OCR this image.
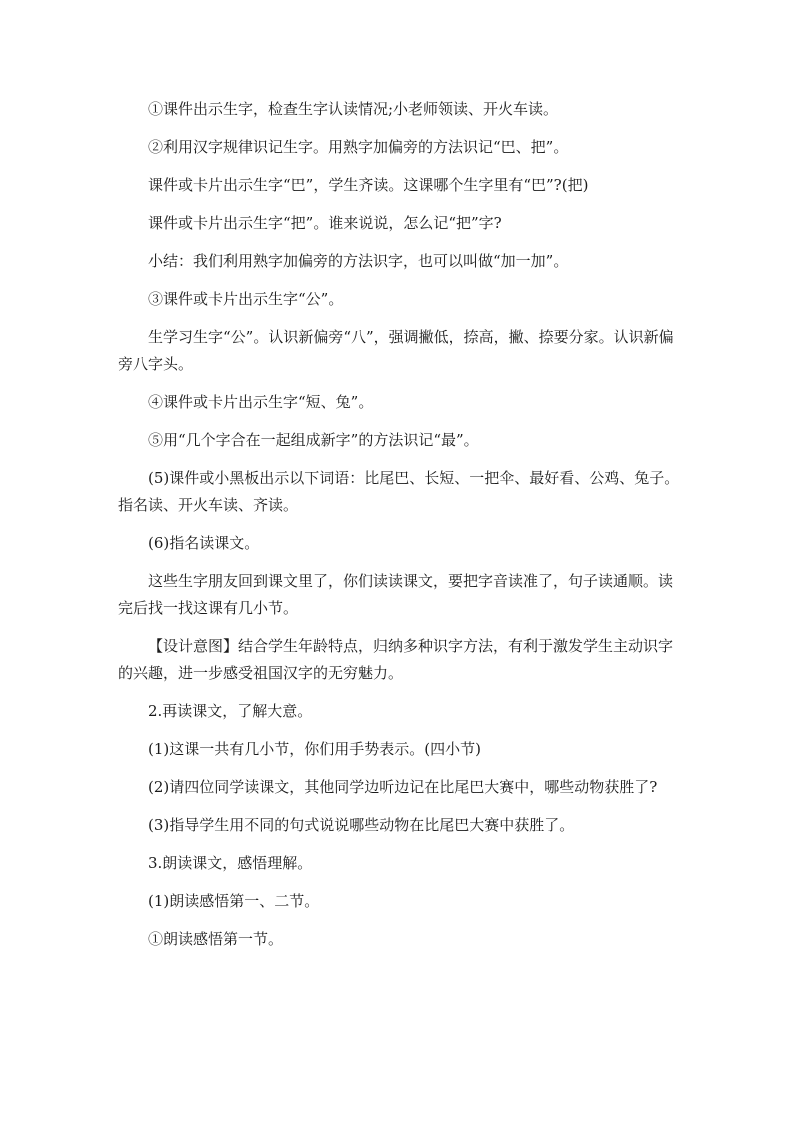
①课件出示生字，检查生字认读情况;小老师领读、开火车读。

②利用汉字规律识记生字。用熟字加偏旁的方法识记“巴、把”。

课件或卡片出示生字“巴”，学生齐读。这课哪个生字里有“巴”?(把)

课件或卡片出示生字“把”。谁来说说，怎么记“把”字?

小结：我们利用熟字加偏旁的方法识字，也可以叫做“加一加”。

③课件或卡片出示生字“公”。

生学习生字“公”。认识新偏旁“八”，强调撇低，捺高，撇、捺要分家。认识新偏旁八字头。

④课件或卡片出示生字“短、兔”。

⑤用“几个字合在一起组成新字”的方法识记“最”。

(5)课件或小黑板出示以下词语：比尾巴、长短、一把伞、最好看、公鸡、兔子。指名读、开火车读、齐读。

(6)指名读课文。

这些生字朋友回到课文里了，你们读读课文，要把字音读准了，句子读通顺。读完后找一找这课有几小节。

【设计意图】结合学生年龄特点，归纳多种识字方法，有利于激发学生主动识字的兴趣，进一步感受祖国汉字的无穷魅力。

2.再读课文，了解大意。

(1)这课一共有几小节，你们用手势表示。(四小节)

(2)请四位同学读课文，其他同学边听边记在比尾巴大赛中，哪些动物获胜了?

(3)指导学生用不同的句式说说哪些动物在比尾巴大赛中获胜了。

3.朗读课文，感悟理解。

(1)朗读感悟第一、二节。

①朗读感悟第一节。
